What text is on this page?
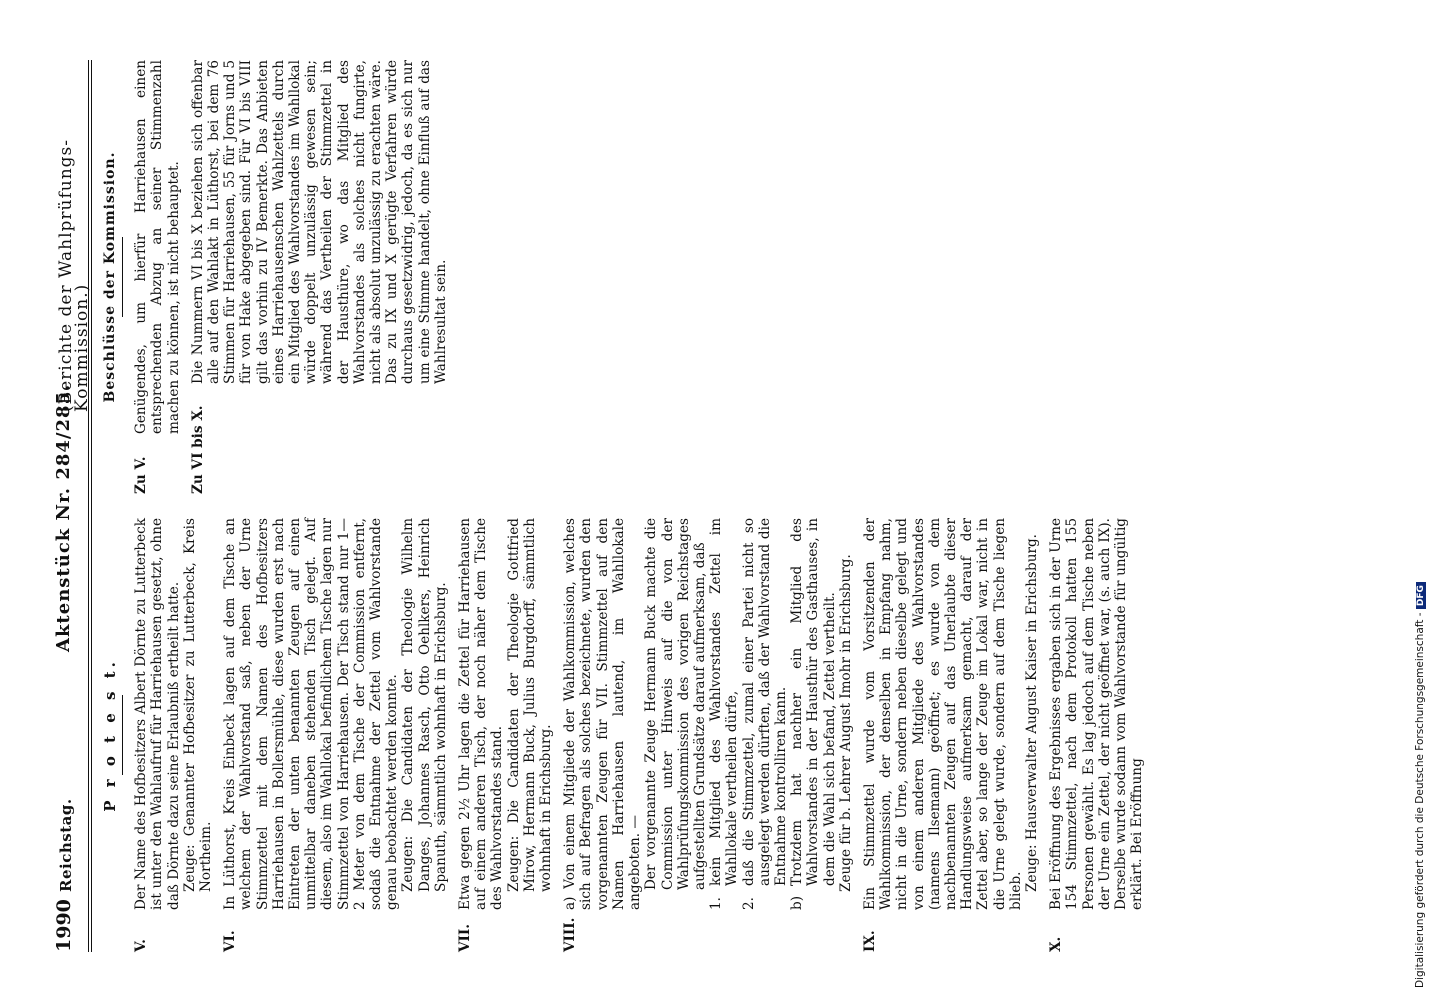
1990
Reichstag.
Aktenstück Nr. 284/285.
(Berichte der Wahlprüfungs-Kommission.)
P r o t e s t.
V.
Der Name des Hofbesitzers Albert Dörnte zu Lutterbeck ist unter den Wahlaufruf für Harriehausen gesetzt, ohne daß Dörnte dazu seine Erlaubniß ertheilt hatte. Zeuge: Genannter Hofbesitzer zu Lutterbeck, Kreis Northeim.
VI.
In Lüthorst, Kreis Einbeck lagen auf dem Tische an welchem der Wahlvorstand saß, neben der Urne Stimmzettel mit dem Namen des Hofbesitzers Harriehausen in Bollersmühle, diese wurden erst nach Eintreten der unten benannten Zeugen auf einen unmittelbar daneben stehenden Tisch gelegt. Auf diesem, also im Wahllokal befindlichem Tische lagen nur Stimmzettel von Harriehausen. Der Tisch stand nur 1—2 Meter von dem Tische der Commission entfernt, sodaß die Entnahme der Zettel vom Wahlvorstande genau beobachtet werden konnte. Zeugen: Die Candidaten der Theologie Wilhelm Danges, Johannes Rasch, Otto Oehlkers, Heinrich Spanuth, sämmtlich wohnhaft in Erichsburg.
VII.
Etwa gegen 2½ Uhr lagen die Zettel für Harriehausen auf einem anderen Tisch, der noch näher dem Tische des Wahlvorstandes stand. Zeugen: Die Candidaten der Theologie Gottfried Mirow, Hermann Buck, Julius Burgdorff, sämmtlich wohnhaft in Erichsburg.
VIII.
a) Von einem Mitgliede der Wahlkommission, welches sich auf Befragen als solches bezeichnete, wurden den vorgenannten Zeugen für VII. Stimmzettel auf den Namen Harriehausen lautend, im Wahllokale angeboten. — Der vorgenannte Zeuge Hermann Buck machte die Commission unter Hinweis auf die von der Wahlprüfungskommission des vorigen Reichstages aufgestellten Grundsätze darauf aufmerksam, daß
1.
kein Mitglied des Wahlvorstandes Zettel im Wahllokale vertheilen dürfe,
2.
daß die Stimmzettel, zumal einer Partei nicht so ausgelegt werden dürften, daß der Wahlvorstand die Entnahme kontrolliren kann.
b)
Trotzdem hat nachher ein Mitglied des Wahlvorstandes in der Hausthür des Gasthauses, in dem die Wahl sich befand, Zettel vertheilt. Zeuge für b. Lehrer August Imohr in Erichsburg.
IX.
Ein Stimmzettel wurde vom Vorsitzenden der Wahlkommission, der denselben in Empfang nahm, nicht in die Urne, sondern neben dieselbe gelegt und von einem anderen Mitgliede des Wahlvorstandes (namens Ilsemann) geöffnet; es wurde von dem nachbenannten Zeugen auf das Unerlaubte dieser Handlungsweise aufmerksam gemacht, darauf der Zettel aber, so lange der Zeuge im Lokal war, nicht in die Urne gelegt wurde, sondern auf dem Tische liegen blieb. Zeuge: Hausverwalter August Kaiser in Erichsburg.
X.
Bei Eröffnung des Ergebnisses ergaben sich in der Urne 154 Stimmzettel, nach dem Protokoll hatten 155 Personen gewählt. Es lag jedoch auf dem Tische neben der Urne ein Zettel, der nicht geöffnet war, (s. auch IX). Derselbe wurde sodann vom Wahlvorstande für ungültig erklärt. Bei Eröffnung
Beschlüsse der Kommission.
Zu V.
Genügendes, um hierfür Harriehausen einen entsprechenden Abzug an seiner Stimmenzahl machen zu können, ist nicht behauptet.
Zu VI bis X.
Die Nummern VI bis X beziehen sich offenbar alle auf den Wahlakt in Lüthorst, bei dem 76 Stimmen für Harriehausen, 55 für Jorns und 5 für von Hake abgegeben sind. Für VI bis VIII gilt das vorhin zu IV Bemerkte. Das Anbieten eines Harriehausenschen Wahlzettels durch ein Mitglied des Wahlvorstandes im Wahllokal würde doppelt unzulässig gewesen sein; während das Vertheilen der Stimmzettel in der Hausthüre, wo das Mitglied des Wahlvorstandes als solches nicht fungirte, nicht als absolut unzulässig zu erachten wäre. Das zu IX und X gerügte Verfahren würde durchaus gesetzwidrig, jedoch, da es sich nur um eine Stimme handelt, ohne Einfluß auf das Wahlresultat sein.
Digitalisierung gefördert durch die Deutsche Forschungsgemeinschaft - DFG
